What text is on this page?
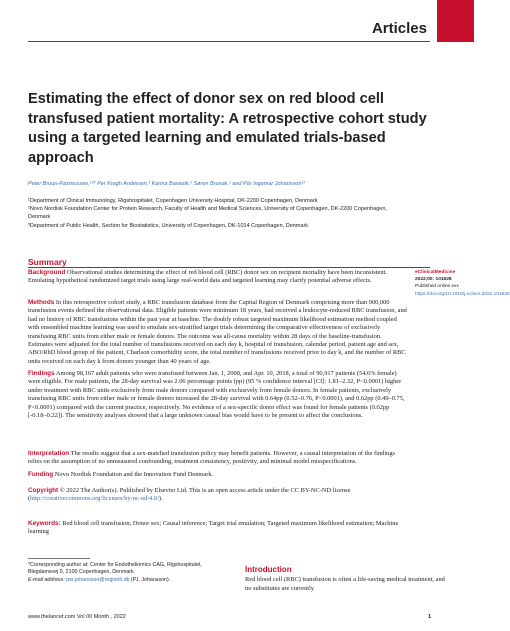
Articles
Estimating the effect of donor sex on red blood cell transfused patient mortality: A retrospective cohort study using a targeted learning and emulated trials-based approach
Peter Bruun-Rasmussen,¹²* Per Kragh Andersen,³ Karina Banasik,² Søren Brunak,² and Pär Ingemar Johansson¹²
¹Department of Clinical Immunology, Rigshospitalet, Copenhagen University Hospital, DK-2200 Copenhagen, Denmark
²Novo Nordisk Foundation Center for Protein Research, Faculty of Health and Medical Sciences, University of Copenhagen, DK-2200 Copenhagen, Denmark
³Department of Public Health, Section for Biostatistics, University of Copenhagen, DK-1014 Copenhagen, Denmark
Summary

Background Observational studies determining the effect of red blood cell (RBC) donor sex on recipient mortality have been inconsistent. Emulating hypothetical randomized target trials using large real-world data and targeted learning may clarify potential adverse effects.

Methods In this retrospective cohort study, a RBC transfusion database from the Capital Region of Denmark comprising more than 900,000 transfusion events defined the observational data. Eligible patients were minimum 18 years, had received a leukocyte-reduced RBC transfusion, and had no history of RBC transfusions within the past year at baseline. The doubly robust targeted maximum likelihood estimation method coupled with ensembled machine learning was used to emulate sex-stratified target trials determining the comparative effectiveness of exclusively transfusing RBC units from either male or female donors. The outcome was all-cause mortality within 28 days of the baseline-transfusion. Estimates were adjusted for the total number of transfusions received on each day k, hospital of transfusion, calendar period, patient age and sex, ABO/RhD blood group of the patient, Charlson comorbidity score, the total number of transfusions received prior to day k, and the number of RBC units received on each day k from donors younger than 40 years of age.

Findings Among 98,167 adult patients who were transfused between Jan. 1, 2008, and Apr. 10, 2018, a total of 90,917 patients (54.6% female) were eligible. For male patients, the 28-day survival was 2.06 percentage points (pp) (95 % confidence interval [CI]: 1.81–2.32, P<0.0001) higher under treatment with RBC units exclusively from male donors compared with exclusively from female donors. In female patients, exclusively transfusing RBC units from either male or female donors increased the 28-day survival with 0.64pp (0.52–0.76, P<0.0001), and 0.62pp (0.49–0.75, P<0.0001) compared with the current practice, respectively. No evidence of a sex-specific donor effect was found for female patients (0.02pp [-0.18–0.22]). The sensitivity analyses showed that a large unknown causal bias would have to be present to affect the conclusions.

Interpretation The results suggest that a sex-matched transfusion policy may benefit patients. However, a causal interpretation of the findings relies on the assumption of no unmeasured confounding, treatment consistency, positivity, and minimal model misspecifications.

Funding Novo Nordisk Foundation and the Innovation Fund Denmark.

Copyright © 2022 The Author(s). Published by Elsevier Ltd. This is an open access article under the CC BY-NC-ND license (http://creativecommons.org/licenses/by-nc-nd/4.0/).

Keywords: Red blood cell transfusion; Donor sex; Causal inference; Target trial emulation; Targeted maximum likelihood estimation; Machine learning

eClinicalMedicine
2022;00: 101628
Published online xxx
https://doi.org/10.1016/j.eclinm.2022.101628
*Corresponding author at: Center for Endotheliomics CAG, Rigshospitalet, Blegdamsvej 9, 2100 Copenhagen, Denmark.
E-mail address: per.johansson@regionh.dk (P.I. Johansson).
Introduction

Red blood cell (RBC) transfusion is often a life-saving medical treatment, and no substitutes are currently

www.thelancet.com Vol 00 Month , 2022	1
